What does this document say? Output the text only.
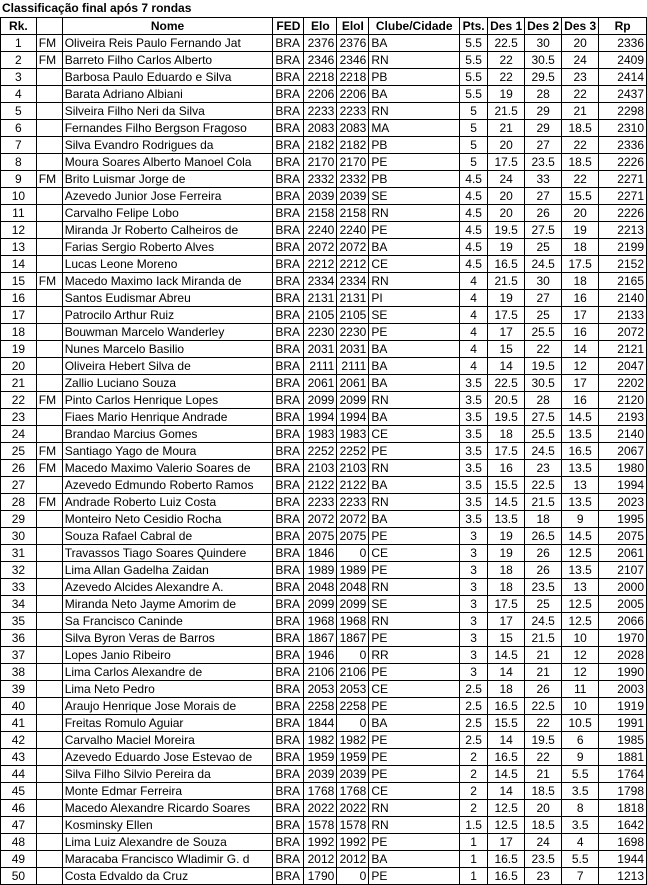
Classificação final após 7 rondas
Rk.		Nome	FED	Elo	EloI	Clube/Cidade	Pts.	Des 1	Des 2	Des 3	Rp
1	FM	Oliveira Reis Paulo Fernando Jat	BRA	2376	2376	BA	5.5	22.5	30	20	2336
2	FM	Barreto Filho Carlos Alberto	BRA	2346	2346	RN	5.5	22	30.5	24	2409
3		Barbosa Paulo Eduardo e Silva	BRA	2218	2218	PB	5.5	22	29.5	23	2414
4		Barata Adriano Albiani	BRA	2206	2206	BA	5.5	19	28	22	2437
5		Silveira Filho Neri da Silva	BRA	2233	2233	RN	5	21.5	29	21	2298
6		Fernandes Filho Bergson Fragoso	BRA	2083	2083	MA	5	21	29	18.5	2310
7		Silva Evandro Rodrigues da	BRA	2182	2182	PB	5	20	27	22	2336
8		Moura Soares Alberto Manoel Cola	BRA	2170	2170	PE	5	17.5	23.5	18.5	2226
9	FM	Brito Luismar Jorge de	BRA	2332	2332	PB	4.5	24	33	22	2271
10		Azevedo Junior Jose Ferreira	BRA	2039	2039	SE	4.5	20	27	15.5	2271
11		Carvalho Felipe Lobo	BRA	2158	2158	RN	4.5	20	26	20	2226
12		Miranda Jr Roberto Calheiros de	BRA	2240	2240	PE	4.5	19.5	27.5	19	2213
13		Farias Sergio Roberto Alves	BRA	2072	2072	BA	4.5	19	25	18	2199
14		Lucas Leone Moreno	BRA	2212	2212	CE	4.5	16.5	24.5	17.5	2152
15	FM	Macedo Maximo Iack Miranda de	BRA	2334	2334	RN	4	21.5	30	18	2165
16		Santos Eudismar Abreu	BRA	2131	2131	PI	4	19	27	16	2140
17		Patrocilo Arthur Ruiz	BRA	2105	2105	SE	4	17.5	25	17	2133
18		Bouwman Marcelo Wanderley	BRA	2230	2230	PE	4	17	25.5	16	2072
19		Nunes Marcelo Basilio	BRA	2031	2031	BA	4	15	22	14	2121
20		Oliveira Hebert Silva de	BRA	2111	2111	BA	4	14	19.5	12	2047
21		Zallio Luciano Souza	BRA	2061	2061	BA	3.5	22.5	30.5	17	2202
22	FM	Pinto Carlos Henrique Lopes	BRA	2099	2099	RN	3.5	20.5	28	16	2120
23		Fiaes Mario Henrique Andrade	BRA	1994	1994	BA	3.5	19.5	27.5	14.5	2193
24		Brandao Marcius Gomes	BRA	1983	1983	CE	3.5	18	25.5	13.5	2140
25	FM	Santiago Yago de Moura	BRA	2252	2252	PE	3.5	17.5	24.5	16.5	2067
26	FM	Macedo Maximo Valerio Soares de	BRA	2103	2103	RN	3.5	16	23	13.5	1980
27		Azevedo Edmundo Roberto Ramos	BRA	2122	2122	BA	3.5	15.5	22.5	13	1994
28	FM	Andrade Roberto Luiz Costa	BRA	2233	2233	RN	3.5	14.5	21.5	13.5	2023
29		Monteiro Neto Cesidio Rocha	BRA	2072	2072	BA	3.5	13.5	18	9	1995
30		Souza Rafael Cabral de	BRA	2075	2075	PE	3	19	26.5	14.5	2075
31		Travassos Tiago Soares Quindere	BRA	1846	0	CE	3	19	26	12.5	2061
32		Lima Allan Gadelha Zaidan	BRA	1989	1989	PE	3	18	26	13.5	2107
33		Azevedo Alcides Alexandre A.	BRA	2048	2048	RN	3	18	23.5	13	2000
34		Miranda Neto Jayme Amorim de	BRA	2099	2099	SE	3	17.5	25	12.5	2005
35		Sa Francisco Caninde	BRA	1968	1968	RN	3	17	24.5	12.5	2066
36		Silva Byron Veras de Barros	BRA	1867	1867	PE	3	15	21.5	10	1970
37		Lopes Janio Ribeiro	BRA	1946	0	RR	3	14.5	21	12	2028
38		Lima Carlos Alexandre de	BRA	2106	2106	PE	3	14	21	12	1990
39		Lima Neto Pedro	BRA	2053	2053	CE	2.5	18	26	11	2003
40		Araujo Henrique Jose Morais de	BRA	2258	2258	PE	2.5	16.5	22.5	10	1919
41		Freitas Romulo Aguiar	BRA	1844	0	BA	2.5	15.5	22	10.5	1991
42		Carvalho Maciel Moreira	BRA	1982	1982	PE	2.5	14	19.5	6	1985
43		Azevedo Eduardo Jose Estevao de	BRA	1959	1959	PE	2	16.5	22	9	1881
44		Silva Filho Silvio Pereira da	BRA	2039	2039	PE	2	14.5	21	5.5	1764
45		Monte Edmar Ferreira	BRA	1768	1768	CE	2	14	18.5	3.5	1798
46		Macedo Alexandre Ricardo Soares	BRA	2022	2022	RN	2	12.5	20	8	1818
47		Kosminsky Ellen	BRA	1578	1578	RN	1.5	12.5	18.5	3.5	1642
48		Lima Luiz Alexandre de Souza	BRA	1992	1992	PE	1	17	24	4	1698
49		Maracaba Francisco Wladimir G. d	BRA	2012	2012	BA	1	16.5	23.5	5.5	1944
50		Costa Edvaldo da Cruz	BRA	1790	0	PE	1	16.5	23	7	1213
